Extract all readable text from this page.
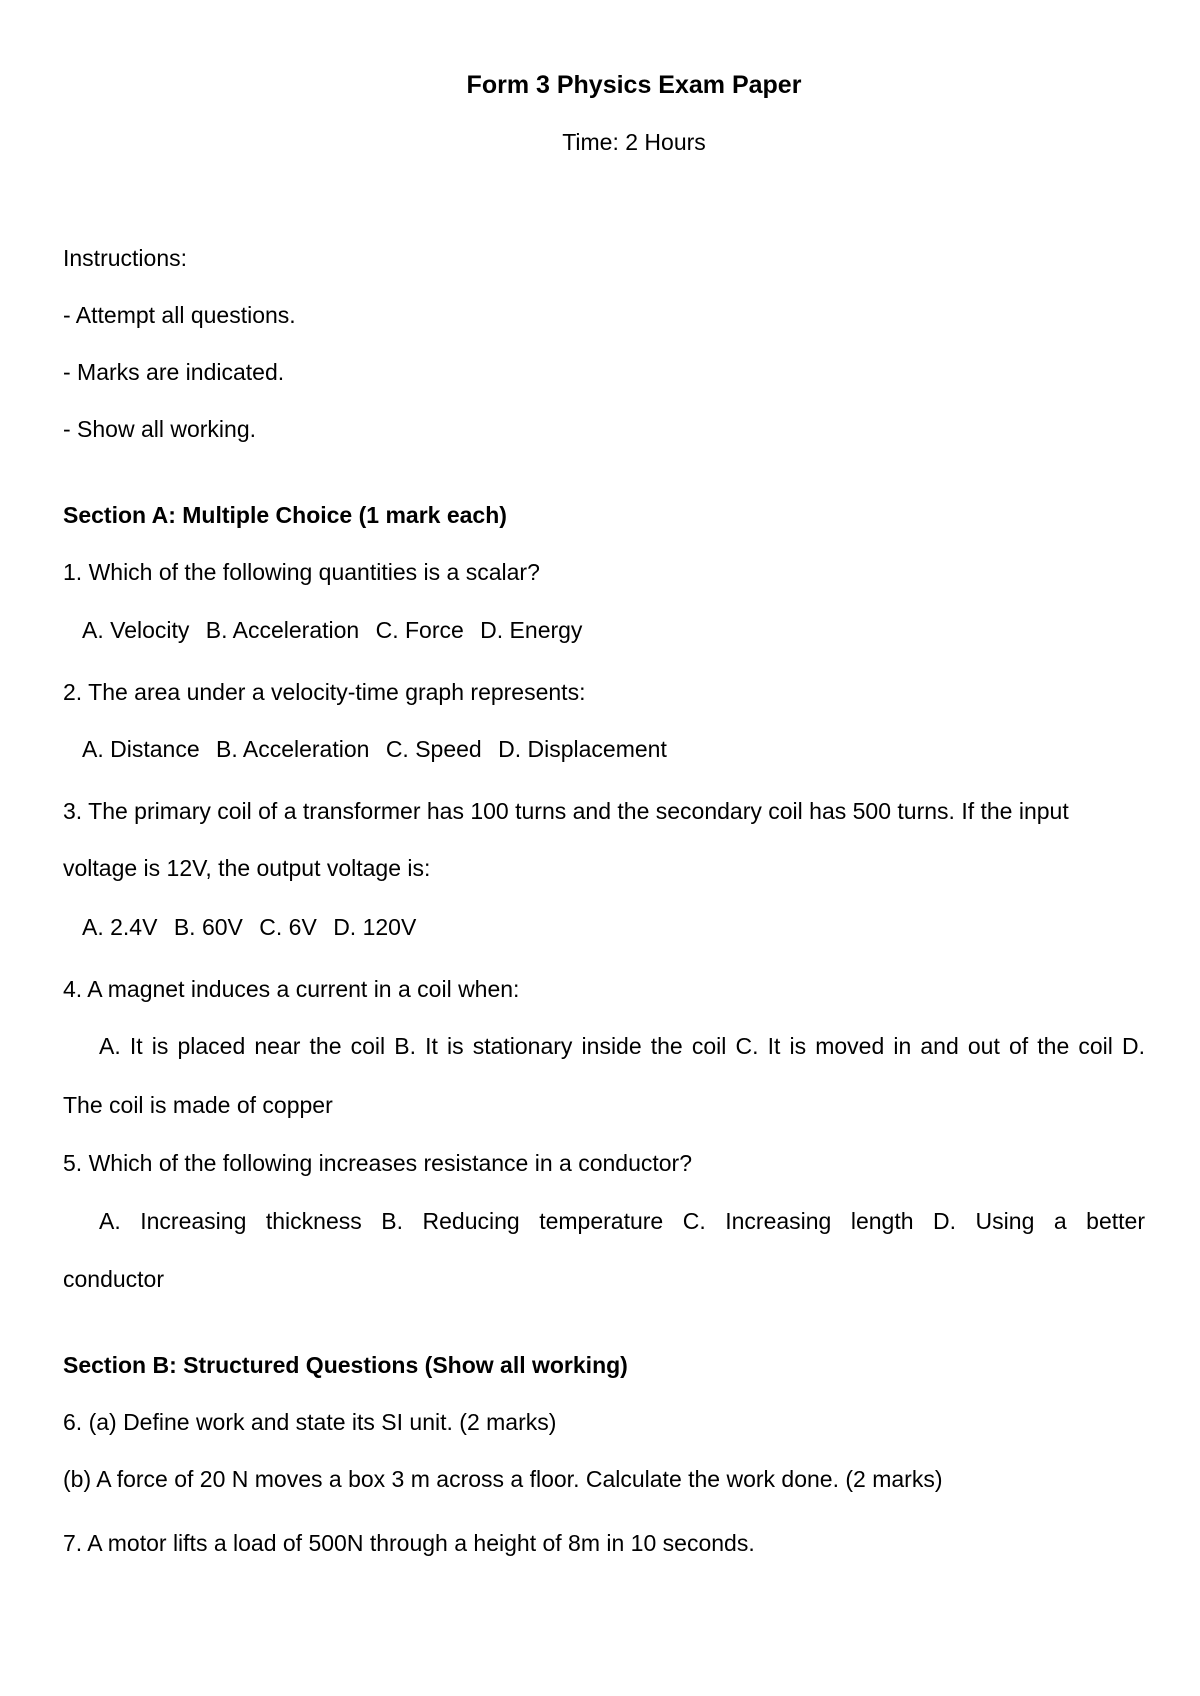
Form 3 Physics Exam Paper
Time: 2 Hours
Instructions:
- Attempt all questions.
- Marks are indicated.
- Show all working.
Section A: Multiple Choice (1 mark each)
1. Which of the following quantities is a scalar?
A. Velocity B. Acceleration C. Force D. Energy
2. The area under a velocity-time graph represents:
A. Distance B. Acceleration C. Speed D. Displacement
3. The primary coil of a transformer has 100 turns and the secondary coil has 500 turns. If the input
voltage is 12V, the output voltage is:
A. 2.4V B. 60V C. 6V D. 120V
4. A magnet induces a current in a coil when:
A. It is placed near the coil B. It is stationary inside the coil C. It is moved in and out of the coil D.
The coil is made of copper
5. Which of the following increases resistance in a conductor?
A. Increasing thickness B. Reducing temperature C. Increasing length D. Using a better
conductor
Section B: Structured Questions (Show all working)
6. (a) Define work and state its SI unit. (2 marks)
(b) A force of 20 N moves a box 3 m across a floor. Calculate the work done. (2 marks)
7. A motor lifts a load of 500N through a height of 8m in 10 seconds.
